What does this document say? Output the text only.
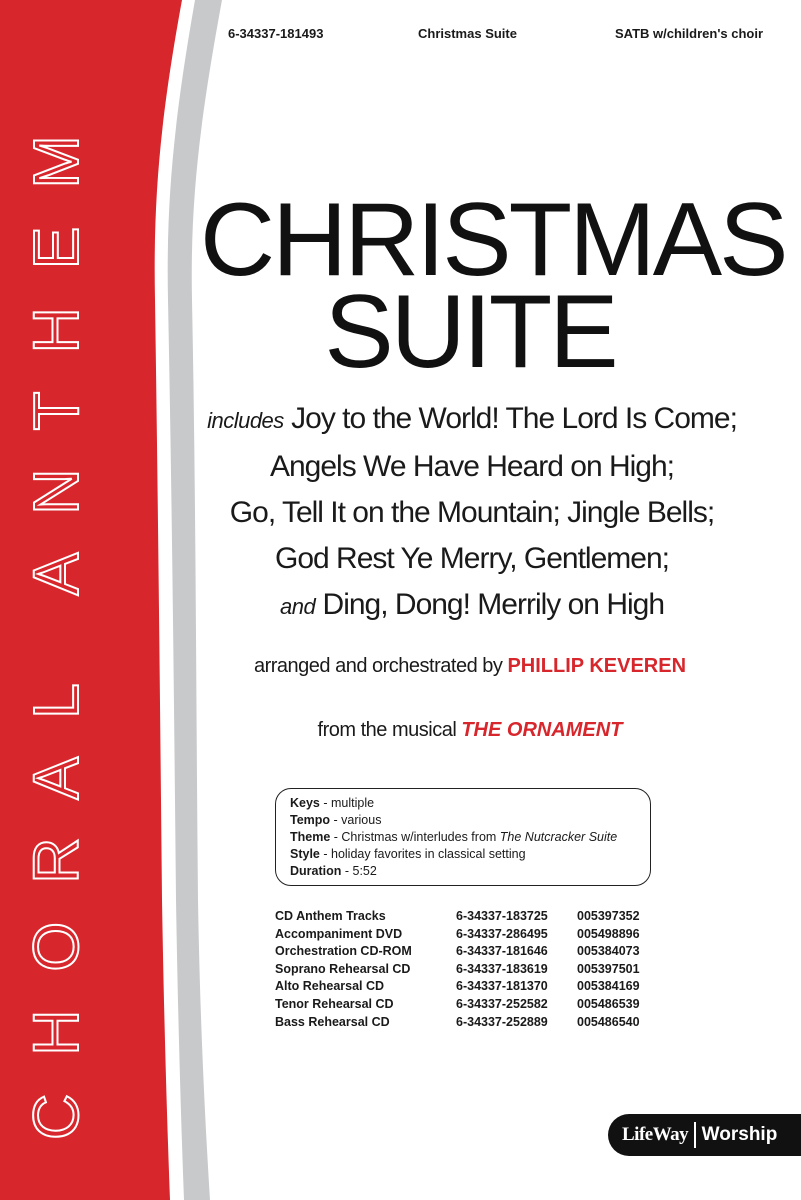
CHORAL ANTHEM
6-34337-181493	Christmas Suite	SATB w/children's choir
CHRISTMAS
SUITE
includes Joy to the World! The Lord Is Come;
Angels We Have Heard on High;
Go, Tell It on the Mountain; Jingle Bells;
God Rest Ye Merry, Gentlemen;
and Ding, Dong! Merrily on High
arranged and orchestrated by PHILLIP KEVEREN
from the musical THE ORNAMENT
Keys - multiple
Tempo - various
Theme - Christmas w/interludes from The Nutcracker Suite
Style - holiday favorites in classical setting
Duration - 5:52
CD Anthem Tracks	6-34337-183725	005397352
Accompaniment DVD	6-34337-286495	005498896
Orchestration CD-ROM	6-34337-181646	005384073
Soprano Rehearsal CD	6-34337-183619	005397501
Alto Rehearsal CD	6-34337-181370	005384169
Tenor Rehearsal CD	6-34337-252582	005486539
Bass Rehearsal CD	6-34337-252889	005486540
LifeWay Worship
